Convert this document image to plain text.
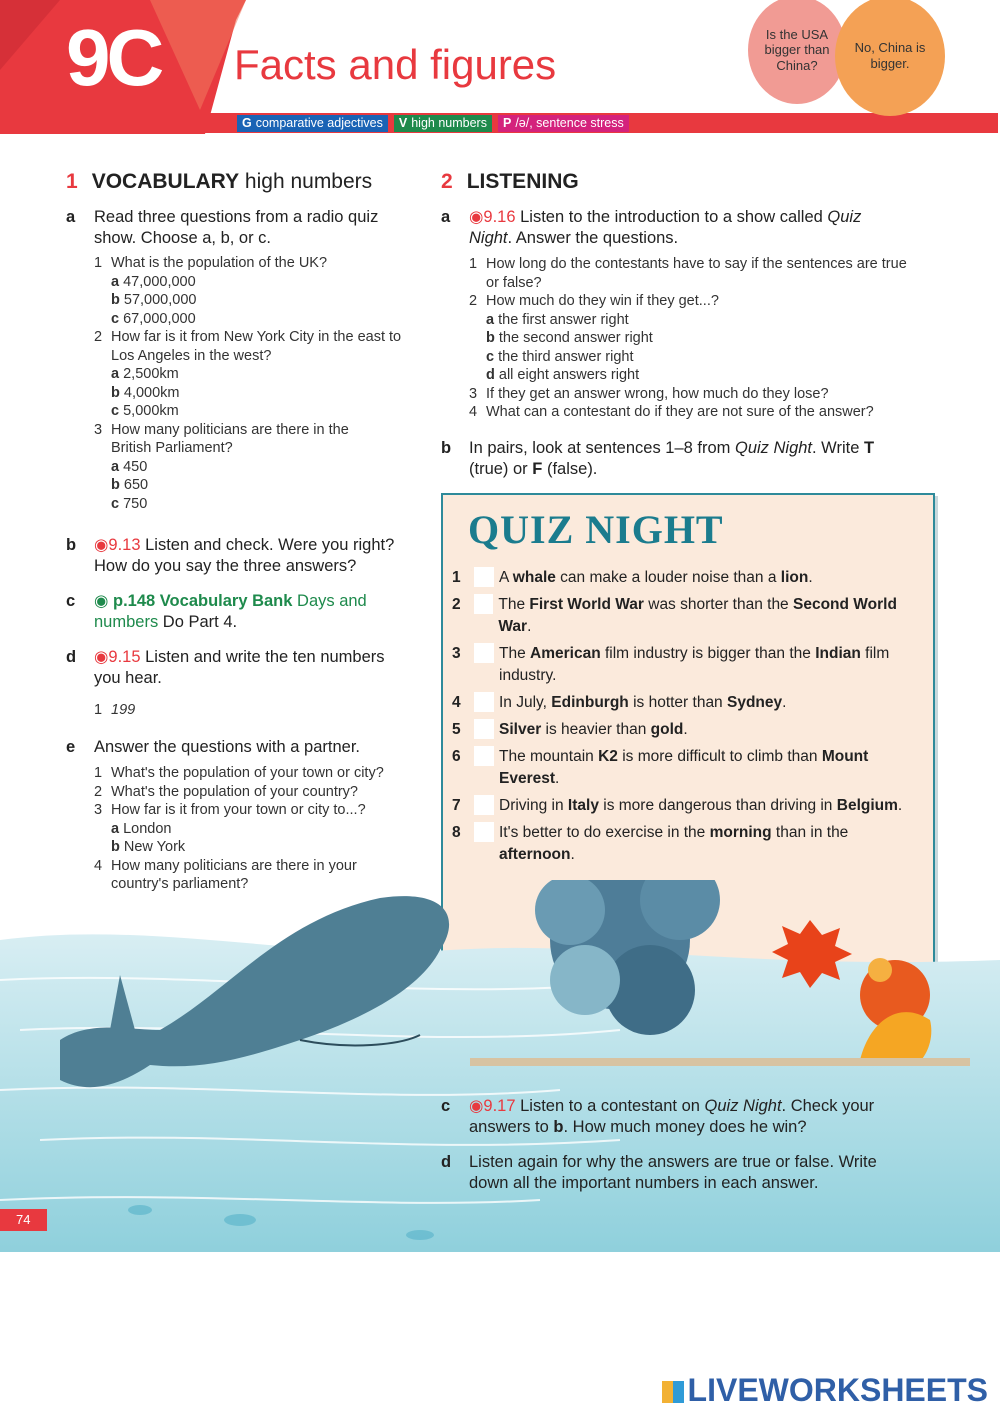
9C Facts and figures
Is the USA bigger than China?
No, China is bigger.
G comparative adjectives	V high numbers	P /ə/, sentence stress
1 VOCABULARY high numbers
a Read three questions from a radio quiz show. Choose a, b, or c.
1 What is the population of the UK?
a 47,000,000
b 57,000,000
c 67,000,000
2 How far is it from New York City in the east to Los Angeles in the west?
a 2,500km
b 4,000km
c 5,000km
3 How many politicians are there in the British Parliament?
a 450
b 650
c 750
b ◉9.13 Listen and check. Were you right? How do you say the three answers?
c ◉ p.148 Vocabulary Bank Days and numbers Do Part 4.
d ◉9.15 Listen and write the ten numbers you hear.
1 199
e Answer the questions with a partner.
1 What's the population of your town or city?
2 What's the population of your country?
3 How far is it from your town or city to...?
a London
b New York
4 How many politicians are there in your country's parliament?
2 LISTENING
a ◉9.16 Listen to the introduction to a show called Quiz Night. Answer the questions.
1 How long do the contestants have to say if the sentences are true or false?
2 How much do they win if they get...?
a the first answer right
b the second answer right
c the third answer right
d all eight answers right
3 If they get an answer wrong, how much do they lose?
4 What can a contestant do if they are not sure of the answer?
b In pairs, look at sentences 1–8 from Quiz Night. Write T (true) or F (false).
QUIZ NIGHT
1	A whale can make a louder noise than a lion.
2	The First World War was shorter than the Second World War.
3	The American film industry is bigger than the Indian film industry.
4	In July, Edinburgh is hotter than Sydney.
5	Silver is heavier than gold.
6	The mountain K2 is more difficult to climb than Mount Everest.
7	Driving in Italy is more dangerous than driving in Belgium.
8	It's better to do exercise in the morning than in the afternoon.
c ◉9.17 Listen to a contestant on Quiz Night. Check your answers to b. How much money does he win?
d Listen again for why the answers are true or false. Write down all the important numbers in each answer.
74
LIVEWORKSHEETS
